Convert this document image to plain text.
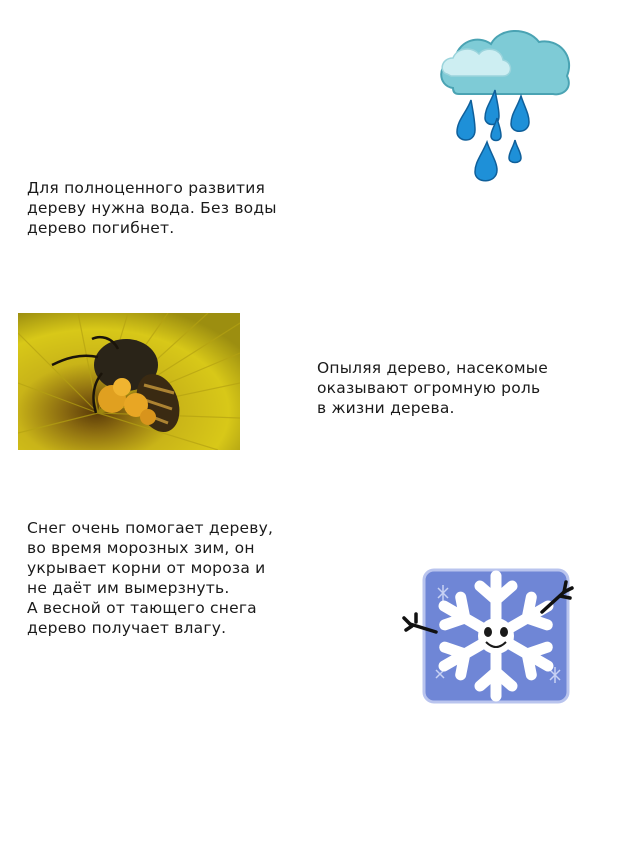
Для полноценного развития
дереву нужна вода. Без воды
дерево погибнет.

Опыляя дерево, насекомые
оказывают огромную роль
в жизни дерева.

Снег очень помогает дереву,
во время морозных зим, он
укрывает корни от мороза и
не даёт им вымерзнуть.
А весной от тающего снега
дерево получает влагу.
